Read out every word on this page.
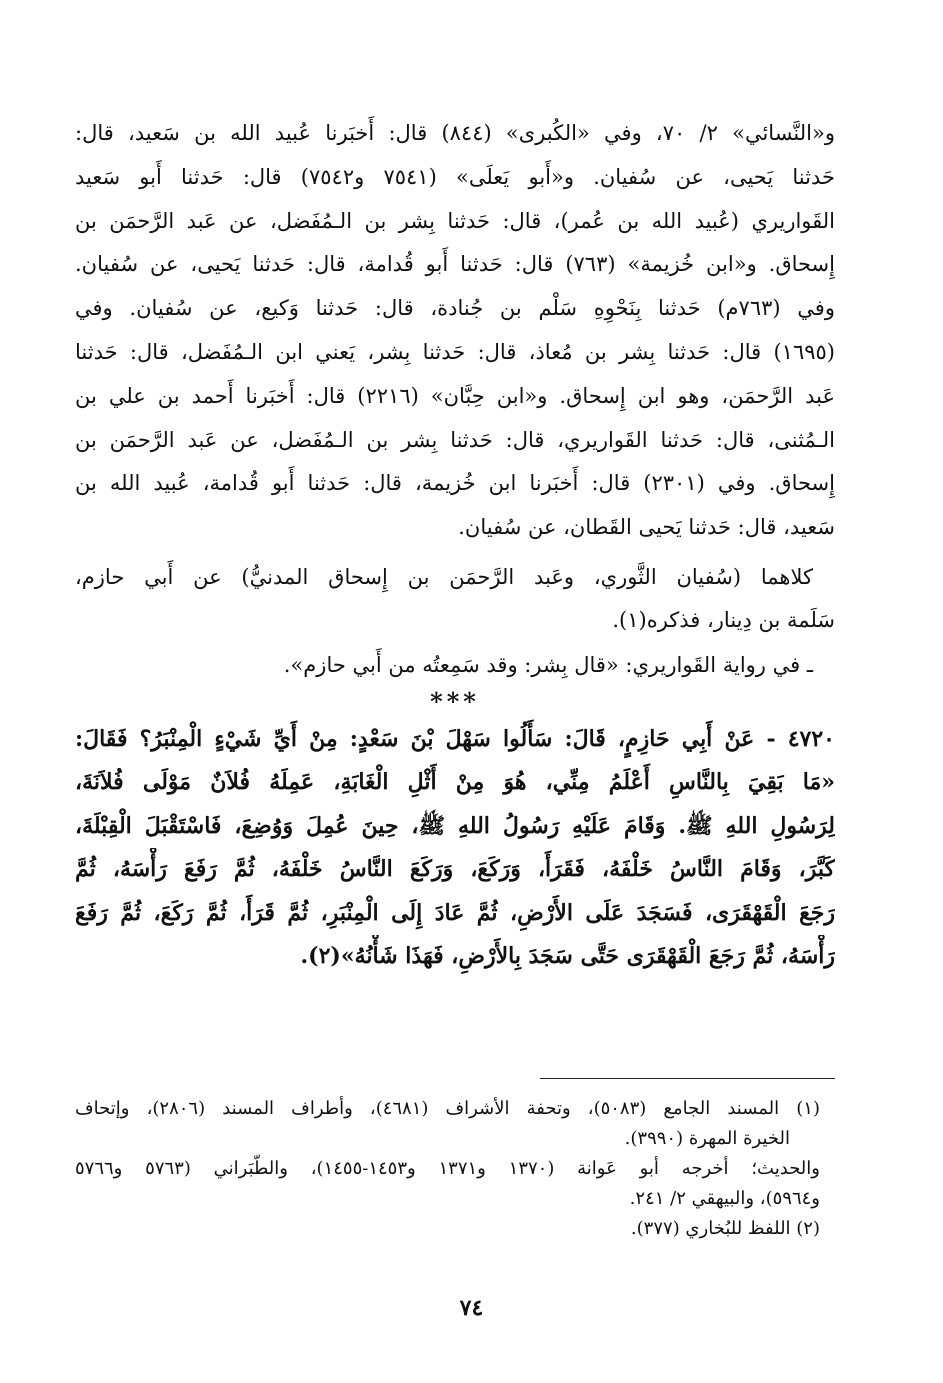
و«النَّسائي» ٢/ ٧٠، وفي «الكُبرى» (٨٤٤) قال: أَخبَرنا عُبيد الله بن سَعيد، قال:

حَدثنا يَحيى، عن سُفيان. و«أَبو يَعلَى» (٧٥٤١ و٧٥٤٢) قال: حَدثنا أَبو سَعيد

القَواريري (عُبيد الله بن عُمر)، قال: حَدثنا بِشر بن الـمُفَضل، عن عَبد الرَّحمَن بن

إِسحاق. و«ابن خُزيمة» (٧٦٣) قال: حَدثنا أَبو قُدامة، قال: حَدثنا يَحيى، عن سُفيان.

وفي (٧٦٣م) حَدثنا بِنَحْوِهِ سَلْم بن جُنادة، قال: حَدثنا وَكيع، عن سُفيان. وفي

(١٦٩٥) قال: حَدثنا بِشر بن مُعاذ، قال: حَدثنا بِشر، يَعني ابن الـمُفَضل، قال: حَدثنا

عَبد الرَّحمَن، وهو ابن إِسحاق. و«ابن حِبَّان» (٢٢١٦) قال: أَخبَرنا أَحمد بن علي بن

الـمُثنى، قال: حَدثنا القَواريري، قال: حَدثنا بِشر بن الـمُفَضل، عن عَبد الرَّحمَن بن

إِسحاق. وفي (٢٣٠١) قال: أَخبَرنا ابن خُزيمة، قال: حَدثنا أَبو قُدامة، عُبيد الله بن

سَعيد، قال: حَدثنا يَحيى القَطان، عن سُفيان.

كلاهما (سُفيان الثَّوري، وعَبد الرَّحمَن بن إِسحاق المدنيُّ) عن أَبي حازم،

سَلَمة بن دِينار، فذكره(١).

ـ في رواية القَواريري: «قال بِشر: وقد سَمِعتُه من أَبي حازم».

***

٤٧٢٠ - عَنْ أَبِي حَازِمٍ، قَالَ: سَأَلُوا سَهْلَ بْنَ سَعْدٍ: مِنْ أَيِّ شَيْءٍ الْمِنْبَرُ؟ فَقَالَ:

«مَا بَقِيَ بِالنَّاسِ أَعْلَمُ مِنِّي، هُوَ مِنْ أَثْلِ الْغَابَةِ، عَمِلَهُ فُلاَنٌ مَوْلَى فُلاَنَةَ،

لِرَسُولِ اللهِ ﷺ. وَقَامَ عَلَيْهِ رَسُولُ اللهِ ﷺ، حِينَ عُمِلَ وَوُضِعَ، فَاسْتَقْبَلَ الْقِبْلَةَ،

كَبَّرَ، وَقَامَ النَّاسُ خَلْفَهُ، فَقَرَأَ، وَرَكَعَ، وَرَكَعَ النَّاسُ خَلْفَهُ، ثُمَّ رَفَعَ رَأْسَهُ، ثُمَّ

رَجَعَ الْقَهْقَرَى، فَسَجَدَ عَلَى الأَرْضِ، ثُمَّ عَادَ إِلَى الْمِنْبَرِ، ثُمَّ قَرَأَ، ثُمَّ رَكَعَ، ثُمَّ رَفَعَ

رَأْسَهُ، ثُمَّ رَجَعَ الْقَهْقَرَى حَتَّى سَجَدَ بِالأَرْضِ، فَهَذَا شَأْنُهُ»(٢).

(١) المسند الجامع (٥٠٨٣)، وتحفة الأشراف (٤٦٨١)، وأطراف المسند (٢٨٠٦)، وإتحاف

الخيرة المهرة (٣٩٩٠).

والحديث؛ أخرجه أبو عَوانة (١٣٧٠ و١٣٧١ و١٤٥٣-١٤٥٥)، والطَّبَراني (٥٧٦٣ و٥٧٦٦

و٥٩٦٤)، والبيهقي ٢/ ٢٤١.

(٢) اللفظ للبُخاري (٣٧٧).

٧٤
